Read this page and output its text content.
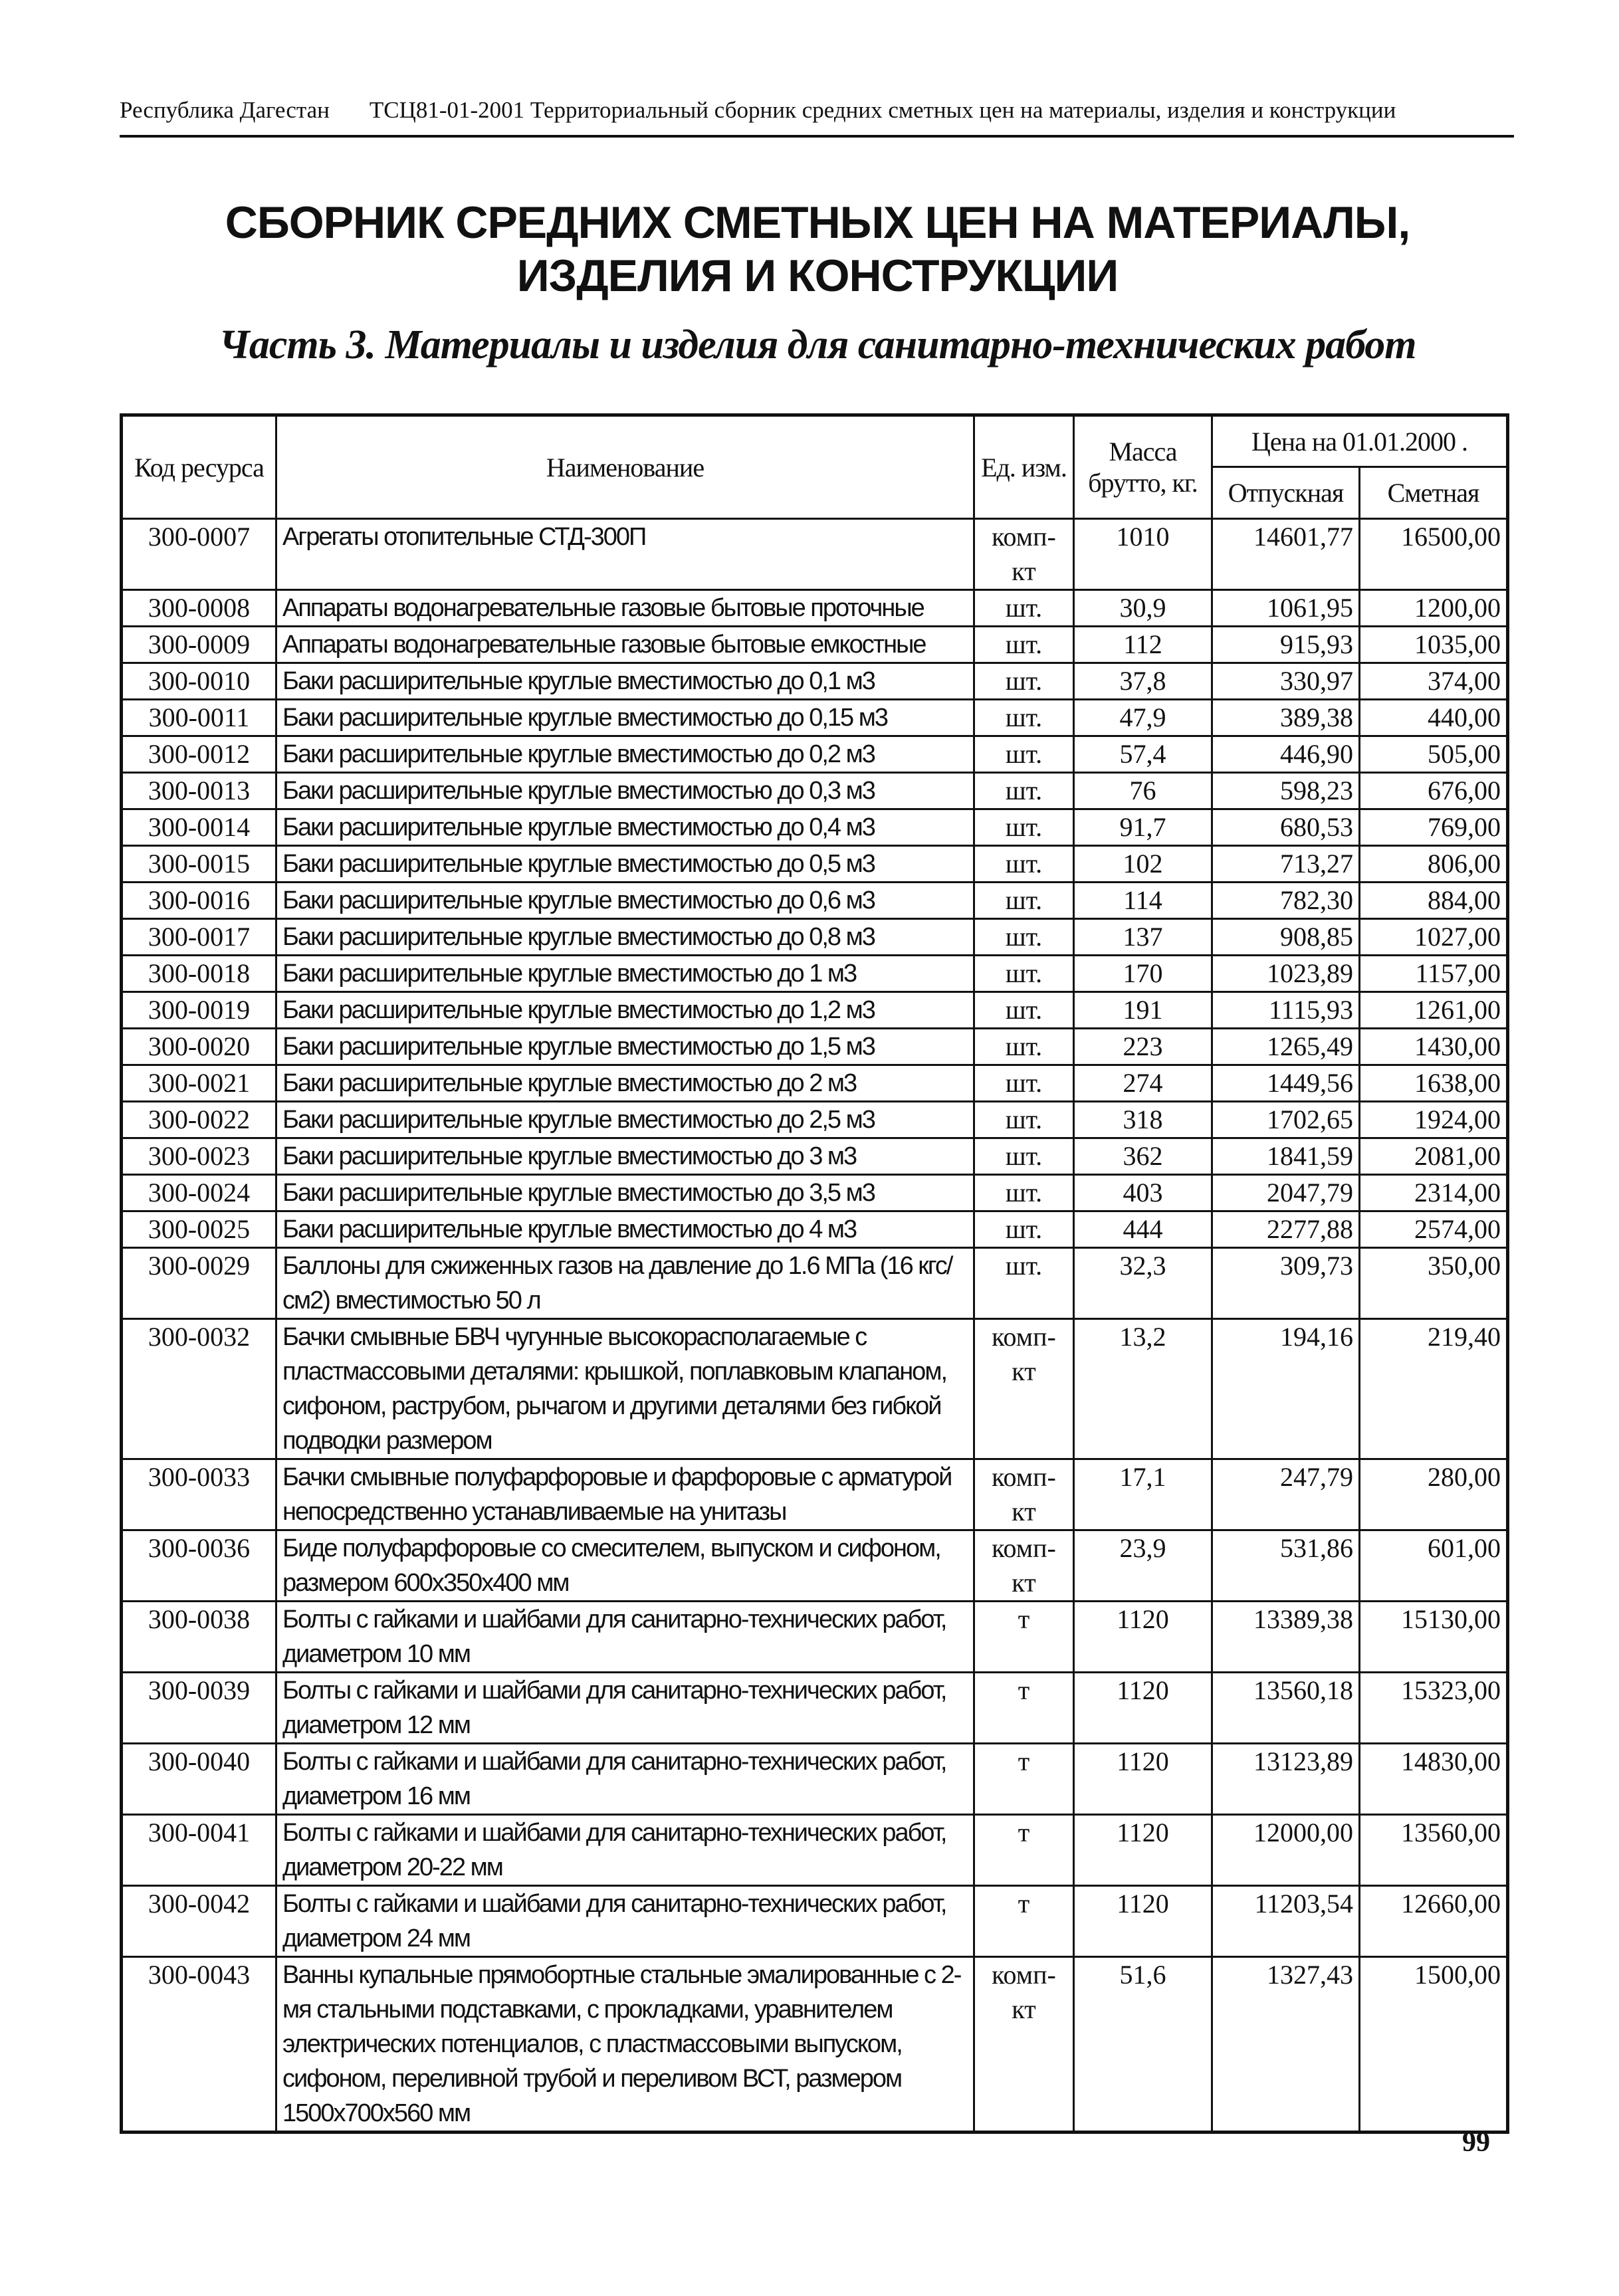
Республика Дагестан ТСЦ81-01-2001 Территориальный сборник средних сметных цен на материалы, изделия и конструкции
СБОРНИК СРЕДНИХ СМЕТНЫХ ЦЕН НА МАТЕРИАЛЫ,
ИЗДЕЛИЯ И КОНСТРУКЦИИ
Часть 3. Материалы и изделия для санитарно-технических работ
Код ресурса	Наименование	Ед. изм.	Масса брутто, кг.	Цена на 01.01.2000 .	
				Отпускная	Сметная
300-0007	Агрегаты отопительные СТД-300П	комп-кт	1010	14601,77	16500,00
300-0008	Аппараты водонагревательные газовые бытовые проточные	шт.	30,9	1061,95	1200,00
300-0009	Аппараты водонагревательные газовые бытовые емкостные	шт.	112	915,93	1035,00
300-0010	Баки расширительные круглые вместимостью до 0,1 м3	шт.	37,8	330,97	374,00
300-0011	Баки расширительные круглые вместимостью до 0,15 м3	шт.	47,9	389,38	440,00
300-0012	Баки расширительные круглые вместимостью до 0,2 м3	шт.	57,4	446,90	505,00
300-0013	Баки расширительные круглые вместимостью до 0,3 м3	шт.	76	598,23	676,00
300-0014	Баки расширительные круглые вместимостью до 0,4 м3	шт.	91,7	680,53	769,00
300-0015	Баки расширительные круглые вместимостью до 0,5 м3	шт.	102	713,27	806,00
300-0016	Баки расширительные круглые вместимостью до 0,6 м3	шт.	114	782,30	884,00
300-0017	Баки расширительные круглые вместимостью до 0,8 м3	шт.	137	908,85	1027,00
300-0018	Баки расширительные круглые вместимостью до 1 м3	шт.	170	1023,89	1157,00
300-0019	Баки расширительные круглые вместимостью до 1,2 м3	шт.	191	1115,93	1261,00
300-0020	Баки расширительные круглые вместимостью до 1,5 м3	шт.	223	1265,49	1430,00
300-0021	Баки расширительные круглые вместимостью до 2 м3	шт.	274	1449,56	1638,00
300-0022	Баки расширительные круглые вместимостью до 2,5 м3	шт.	318	1702,65	1924,00
300-0023	Баки расширительные круглые вместимостью до 3 м3	шт.	362	1841,59	2081,00
300-0024	Баки расширительные круглые вместимостью до 3,5 м3	шт.	403	2047,79	2314,00
300-0025	Баки расширительные круглые вместимостью до 4 м3	шт.	444	2277,88	2574,00
300-0029	Баллоны для сжиженных газов на давление до 1.6 МПа (16 кгс/см2) вместимостью 50 л	шт.	32,3	309,73	350,00
300-0032	Бачки смывные БВЧ чугунные высокорасполагаемые с пластмассовыми деталями: крышкой, поплавковым клапаном, сифоном, раструбом, рычагом и другими деталями без гибкой подводки размером	комп-кт	13,2	194,16	219,40
300-0033	Бачки смывные полуфарфоровые и фарфоровые с арматурой непосредственно устанавливаемые на унитазы	комп-кт	17,1	247,79	280,00
300-0036	Биде полуфарфоровые со смесителем, выпуском и сифоном, размером 600х350х400 мм	комп-кт	23,9	531,86	601,00
300-0038	Болты с гайками и шайбами для санитарно-технических работ, диаметром 10 мм	т	1120	13389,38	15130,00
300-0039	Болты с гайками и шайбами для санитарно-технических работ, диаметром 12 мм	т	1120	13560,18	15323,00
300-0040	Болты с гайками и шайбами для санитарно-технических работ, диаметром 16 мм	т	1120	13123,89	14830,00
300-0041	Болты с гайками и шайбами для санитарно-технических работ, диаметром 20-22 мм	т	1120	12000,00	13560,00
300-0042	Болты с гайками и шайбами для санитарно-технических работ, диаметром 24 мм	т	1120	11203,54	12660,00
300-0043	Ванны купальные прямобортные стальные эмалированные с 2-мя стальными подставками, с прокладками, уравнителем электрических потенциалов, с пластмассовыми выпуском, сифоном, переливной трубой и переливом ВСТ, размером 1500х700х560 мм	комп-кт	51,6	1327,43	1500,00
99
